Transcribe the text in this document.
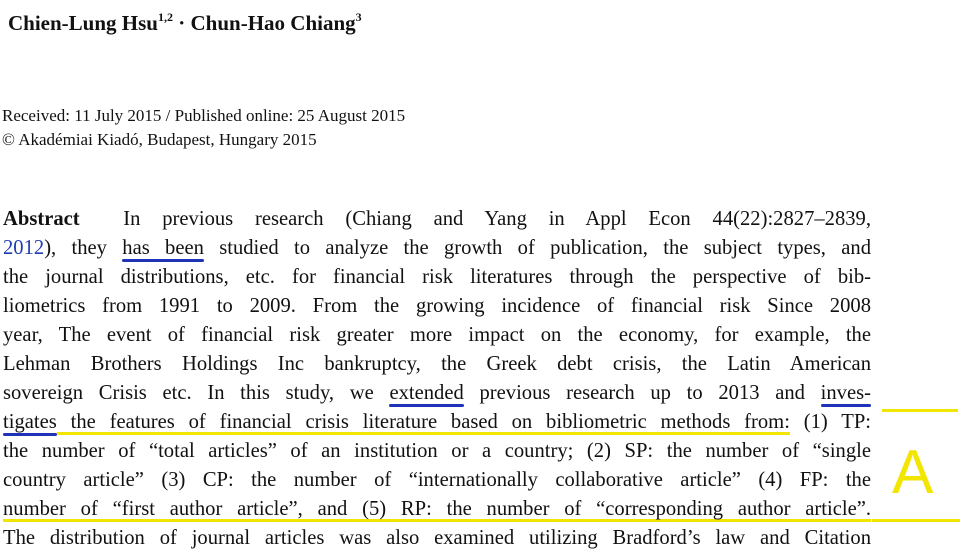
Chien-Lung Hsu$^{1,2}$ · Chun-Hao Chiang$^3$
Received: 11 July 2015 / Published online: 25 August 2015
© Akadémiai Kiadó, Budapest, Hungary 2015
Abstract In previous research (Chiang and Yang in Appl Econ 44(22):2827–2839,
2012), they has been studied to analyze the growth of publication, the subject types, and
the journal distributions, etc. for financial risk literatures through the perspective of bib-
liometrics from 1991 to 2009. From the growing incidence of financial risk Since 2008
year, The event of financial risk greater more impact on the economy, for example, the
Lehman Brothers Holdings Inc bankruptcy, the Greek debt crisis, the Latin American
sovereign Crisis etc. In this study, we extended previous research up to 2013 and inves-
tigates the features of financial crisis literature based on bibliometric methods from: (1) TP:
the number of “total articles” of an institution or a country; (2) SP: the number of “single
country article” (3) CP: the number of “internationally collaborative article” (4) FP: the
number of “first author article”, and (5) RP: the number of “corresponding author article”.
The distribution of journal articles was also examined utilizing Bradford’s law and Citation
A
